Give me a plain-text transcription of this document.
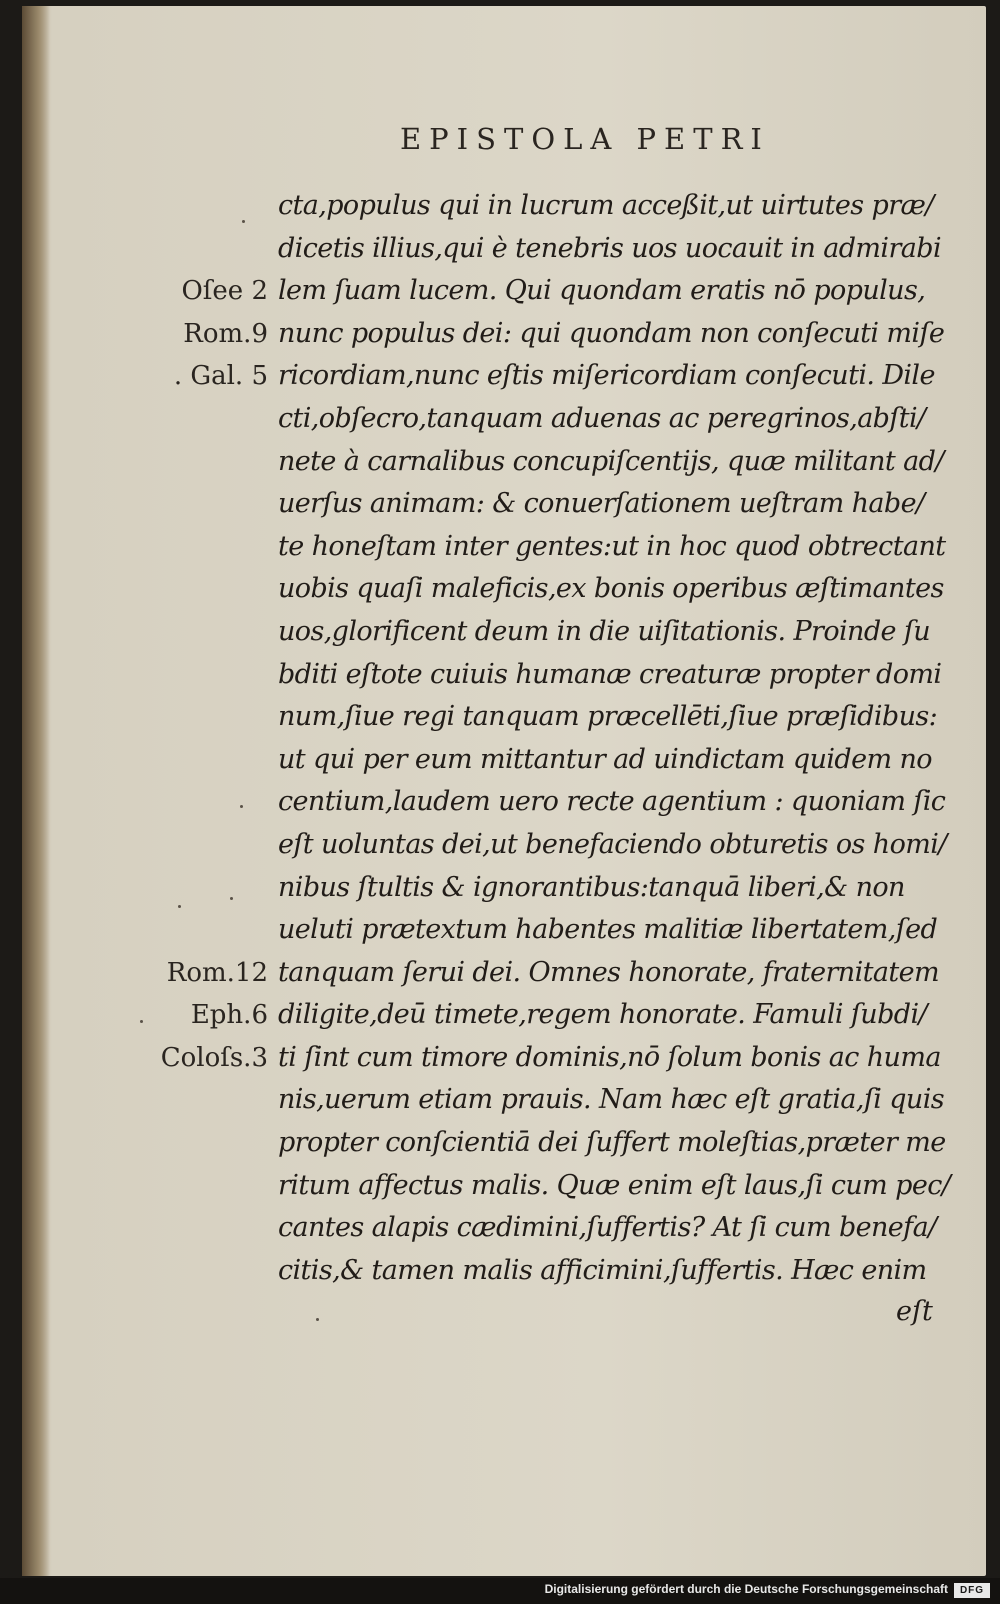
EPISTOLA PETRI
cta,populus qui in lucrum acceßit,ut uirtutes præ/
dicetis illius,qui è tenebris uos uocauit in admirabi
lem ſuam lucem. Qui quondam eratis nō populus,
nunc populus dei: qui quondam non conſecuti miſe
ricordiam,nunc eſtis miſericordiam conſecuti. Dile
cti,obſecro,tanquam aduenas ac peregrinos,abſti/
nete à carnalibus concupiſcentijs, quæ militant ad/
uerſus animam: & conuerſationem ueſtram habe/
te honeſtam inter gentes:ut in hoc quod obtrectant
uobis quaſi maleficis,ex bonis operibus æſtimantes
uos,glorificent deum in die uiſitationis. Proinde ſu
bditi eſtote cuiuis humanæ creaturæ propter domi
num,ſiue regi tanquam præcellēti,ſiue præſidibus:
ut qui per eum mittantur ad uindictam quidem no
centium,laudem uero recte agentium : quoniam ſic
eſt uoluntas dei,ut benefaciendo obturetis os homi/
nibus ſtultis & ignorantibus:tanquā liberi,& non
ueluti prætextum habentes malitiæ libertatem,ſed
tanquam ſerui dei. Omnes honorate, fraternitatem
diligite,deū timete,regem honorate. Famuli ſubdi/
ti ſint cum timore dominis,nō ſolum bonis ac huma
nis,uerum etiam prauis. Nam hæc eſt gratia,ſi quis
propter conſcientiā dei ſuffert moleſtias,præter me
ritum affectus malis. Quæ enim eſt laus,ſi cum pec/
cantes alapis cædimini,ſuffertis? At ſi cum benefa/
citis,& tamen malis afficimini,ſuffertis. Hæc enim
Oſee 2
Rom.9
. Gal. 5
Rom.12
Eph.6
Coloſs.3
eſt
Digitalisierung gefördert durch die Deutsche Forschungsgemeinschaft	DFG
